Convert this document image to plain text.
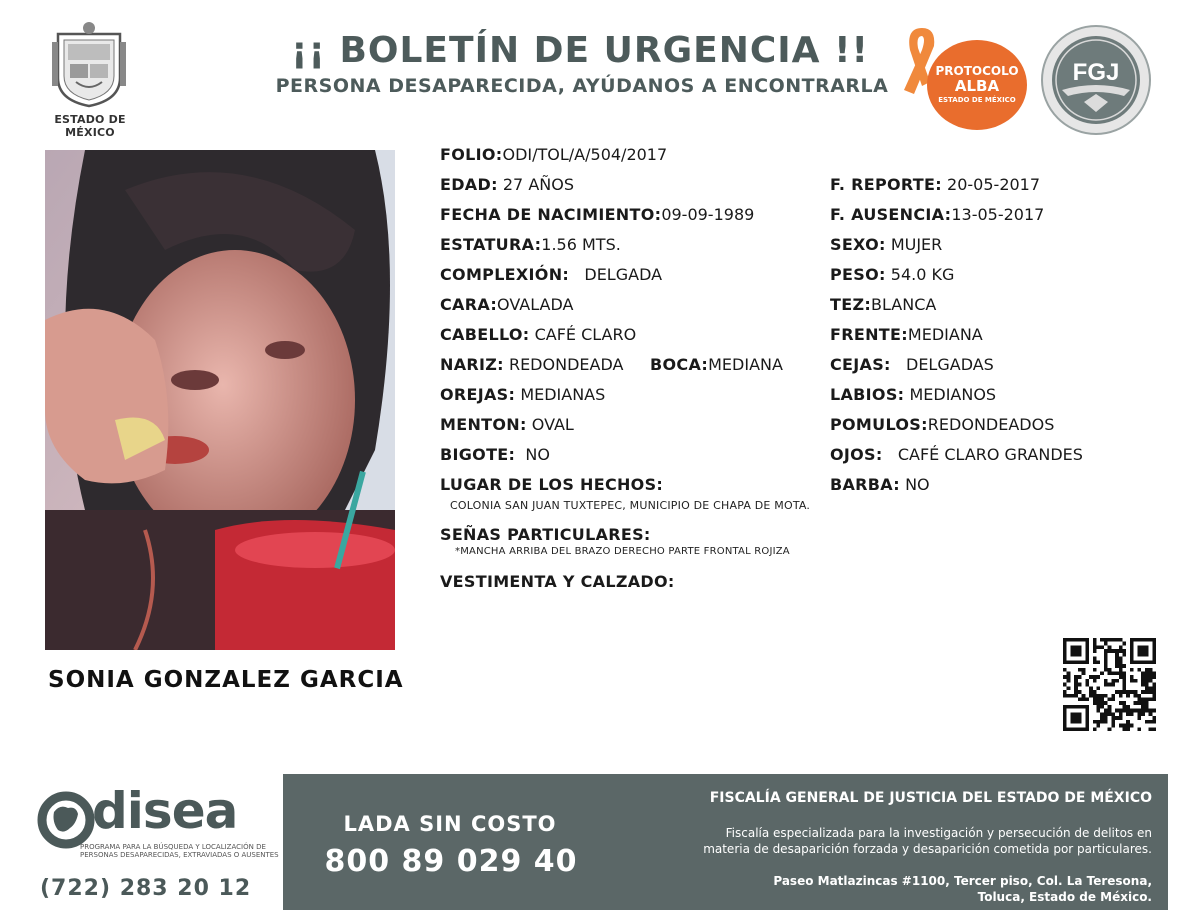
ESTADO DE MÉXICO
¡¡ BOLETÍN DE URGENCIA !!
PERSONA DESAPARECIDA, AYÚDANOS A ENCONTRARLA
PROTOCOLO
ALBA
ESTADO DE MÉXICO
FGJ
SONIA GONZALEZ GARCIA
FOLIO:ODI/TOL/A/504/2017
EDAD: 27 AÑOS	F. REPORTE: 20-05-2017
FECHA DE NACIMIENTO:09-09-1989	F. AUSENCIA:13-05-2017
ESTATURA:1.56 MTS.	SEXO: MUJER
COMPLEXIÓN: DELGADA	PESO: 54.0 KG
CARA:OVALADA	TEZ:BLANCA
CABELLO: CAFÉ CLARO	FRENTE:MEDIANA
NARIZ: REDONDEADA BOCA:MEDIANA	CEJAS: DELGADAS
OREJAS: MEDIANAS	LABIOS: MEDIANOS
MENTON: OVAL	POMULOS:REDONDEADOS
BIGOTE: NO	OJOS: CAFÉ CLARO GRANDES
LUGAR DE LOS HECHOS:	BARBA: NO
COLONIA SAN JUAN TUXTEPEC, MUNICIPIO DE CHAPA DE MOTA.
SEÑAS PARTICULARES:
*MANCHA ARRIBA DEL BRAZO DERECHO PARTE FRONTAL ROJIZA
VESTIMENTA Y CALZADO:
disea
PROGRAMA PARA LA BÚSQUEDA Y LOCALIZACIÓN DE PERSONAS DESAPARECIDAS, EXTRAVIADAS O AUSENTES
(722) 283 20 12
LADA SIN COSTO
800 89 029 40
FISCALÍA GENERAL DE JUSTICIA DEL ESTADO DE MÉXICO
Fiscalía especializada para la investigación y persecución de delitos en
materia de desaparición forzada y desaparición cometida por particulares.
Paseo Matlazincas #1100, Tercer piso, Col. La Teresona,
Toluca, Estado de México.
